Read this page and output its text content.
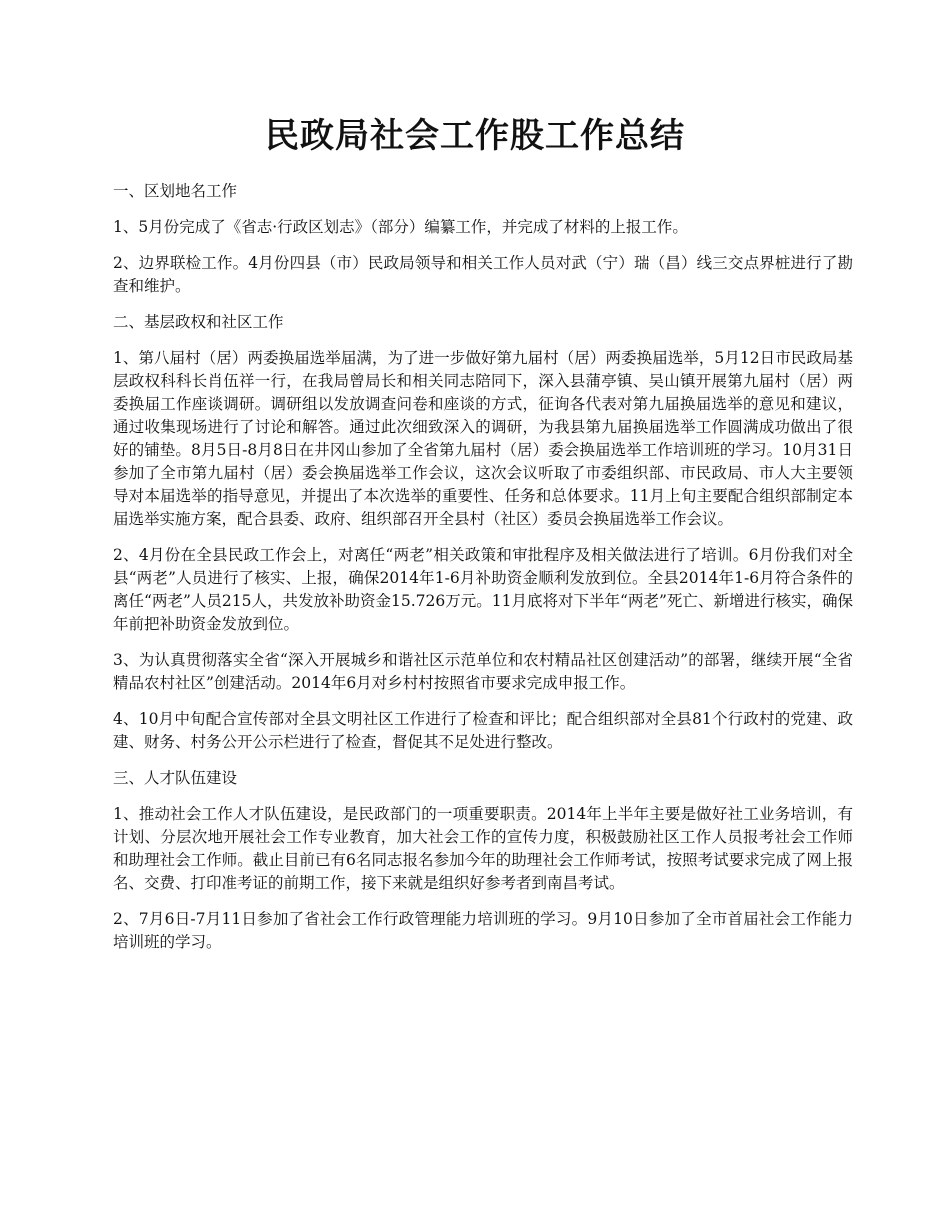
民政局社会工作股工作总结

一、区划地名工作

1、5月份完成了《省志·行政区划志》（部分）编纂工作，并完成了材料的上报工作。

2、边界联检工作。4月份四县（市）民政局领导和相关工作人员对武（宁）瑞（昌）线三交点界桩进行了勘查和维护。

二、基层政权和社区工作

1、第八届村（居）两委换届选举届满，为了进一步做好第九届村（居）两委换届选举，5月12日市民政局基层政权科科长肖伍祥一行，在我局曾局长和相关同志陪同下，深入县蒲亭镇、吴山镇开展第九届村（居）两委换届工作座谈调研。调研组以发放调查问卷和座谈的方式，征询各代表对第九届换届选举的意见和建议，通过收集现场进行了讨论和解答。通过此次细致深入的调研，为我县第九届换届选举工作圆满成功做出了很好的铺垫。8月5日-8月8日在井冈山参加了全省第九届村（居）委会换届选举工作培训班的学习。10月31日参加了全市第九届村（居）委会换届选举工作会议，这次会议听取了市委组织部、市民政局、市人大主要领导对本届选举的指导意见，并提出了本次选举的重要性、任务和总体要求。11月上旬主要配合组织部制定本届选举实施方案，配合县委、政府、组织部召开全县村（社区）委员会换届选举工作会议。

2、4月份在全县民政工作会上，对离任“两老”相关政策和审批程序及相关做法进行了培训。6月份我们对全县“两老”人员进行了核实、上报，确保2014年1-6月补助资金顺利发放到位。全县2014年1-6月符合条件的离任“两老”人员215人，共发放补助资金15.726万元。11月底将对下半年“两老”死亡、新增进行核实，确保年前把补助资金发放到位。

3、为认真贯彻落实全省“深入开展城乡和谐社区示范单位和农村精品社区创建活动”的部署，继续开展“全省精品农村社区”创建活动。2014年6月对乡村村按照省市要求完成申报工作。

4、10月中旬配合宣传部对全县文明社区工作进行了检查和评比；配合组织部对全县81个行政村的党建、政建、财务、村务公开公示栏进行了检查，督促其不足处进行整改。

三、人才队伍建设

1、推动社会工作人才队伍建设，是民政部门的一项重要职责。2014年上半年主要是做好社工业务培训，有计划、分层次地开展社会工作专业教育，加大社会工作的宣传力度，积极鼓励社区工作人员报考社会工作师和助理社会工作师。截止目前已有6名同志报名参加今年的助理社会工作师考试，按照考试要求完成了网上报名、交费、打印准考证的前期工作，接下来就是组织好参考者到南昌考试。

2、7月6日-7月11日参加了省社会工作行政管理能力培训班的学习。9月10日参加了全市首届社会工作能力培训班的学习。
